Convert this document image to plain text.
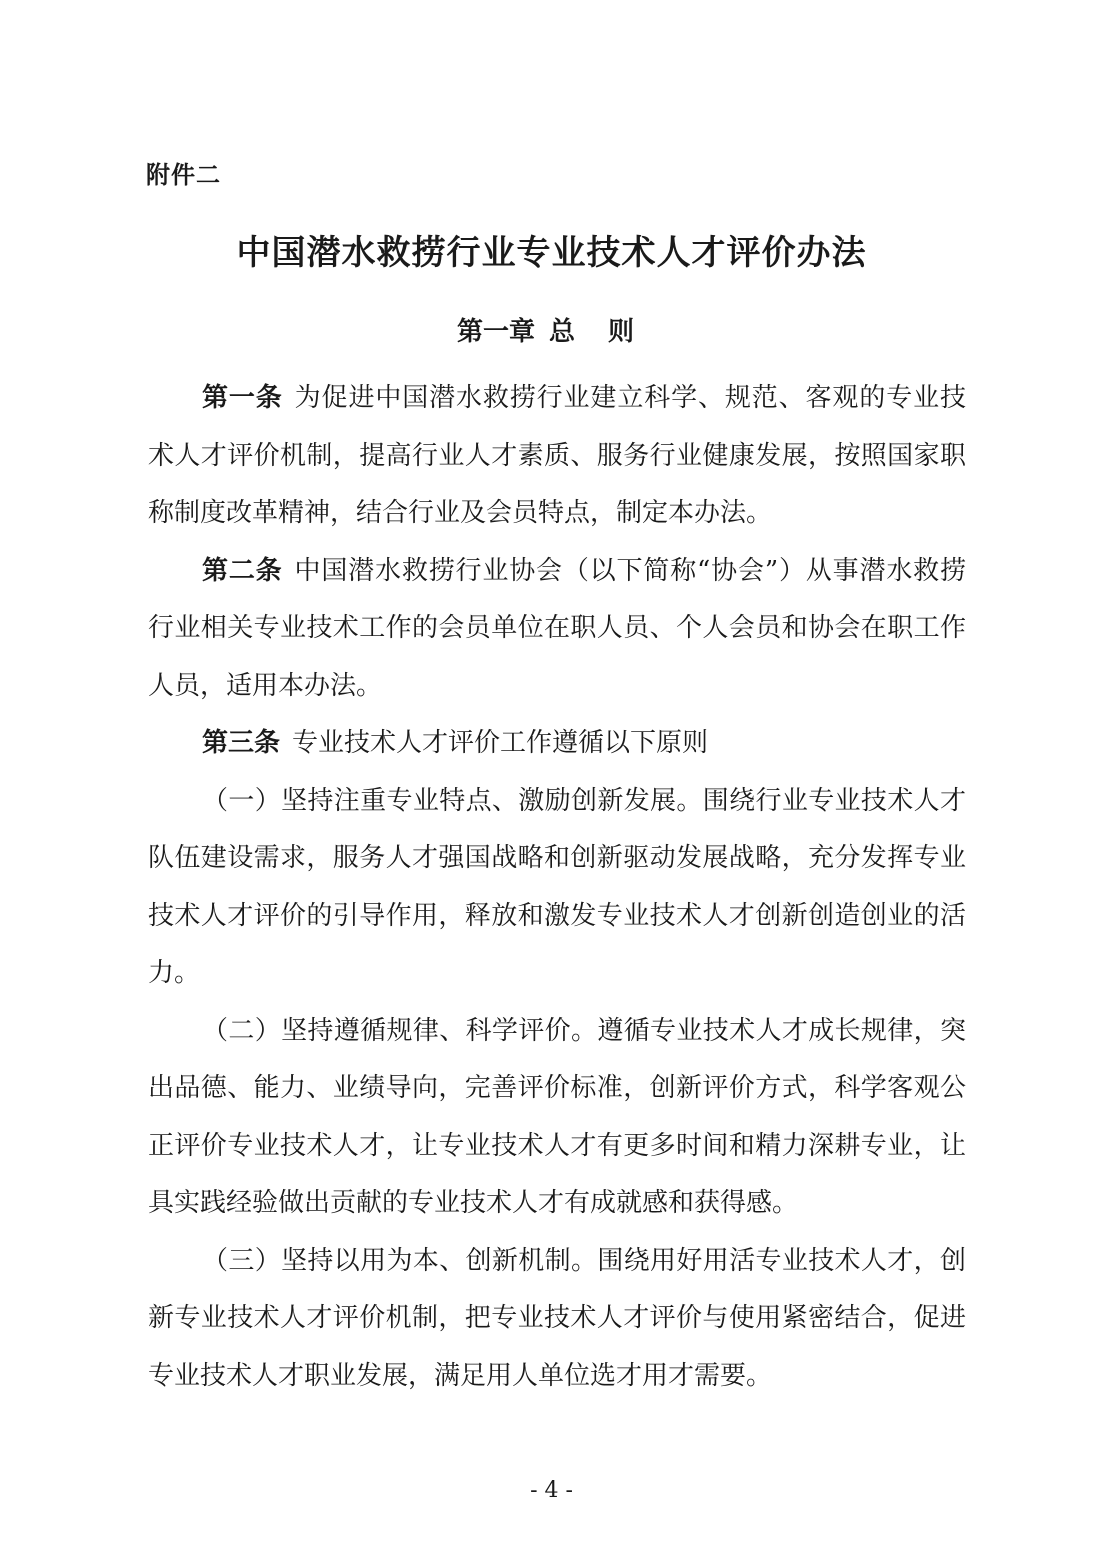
附件二
中国潜水救捞行业专业技术人才评价办法
第一章 总 则

第一条 为促进中国潜水救捞行业建立科学、规范、客观的专业技术人才评价机制，提高行业人才素质、服务行业健康发展，按照国家职称制度改革精神，结合行业及会员特点，制定本办法。

第二条 中国潜水救捞行业协会（以下简称“协会”）从事潜水救捞行业相关专业技术工作的会员单位在职人员、个人会员和协会在职工作人员，适用本办法。

第三条 专业技术人才评价工作遵循以下原则

（一）坚持注重专业特点、激励创新发展。围绕行业专业技术人才队伍建设需求，服务人才强国战略和创新驱动发展战略，充分发挥专业技术人才评价的引导作用，释放和激发专业技术人才创新创造创业的活力。

（二）坚持遵循规律、科学评价。遵循专业技术人才成长规律，突出品德、能力、业绩导向，完善评价标准，创新评价方式，科学客观公正评价专业技术人才，让专业技术人才有更多时间和精力深耕专业，让具实践经验做出贡献的专业技术人才有成就感和获得感。

（三）坚持以用为本、创新机制。围绕用好用活专业技术人才，创新专业技术人才评价机制，把专业技术人才评价与使用紧密结合，促进专业技术人才职业发展，满足用人单位选才用才需要。

- 4 -
